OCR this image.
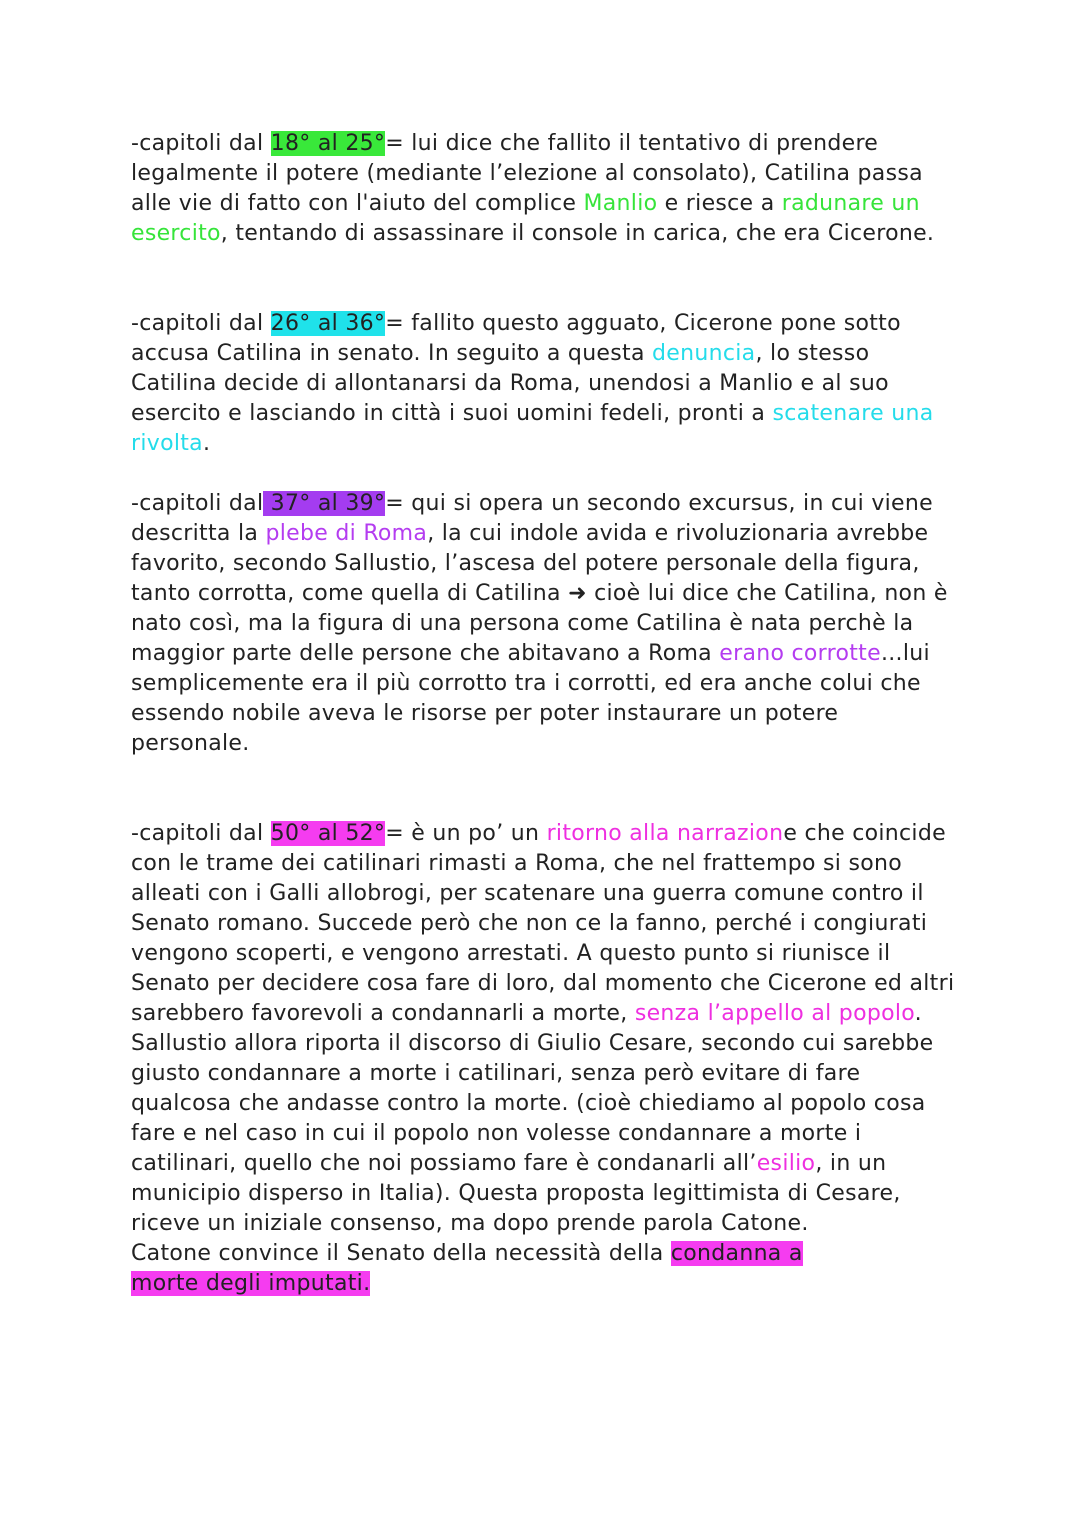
-capitoli dal 18° al 25°= lui dice che fallito il tentativo di prendere legalmente il potere (mediante l’elezione al consolato), Catilina passa alle vie di fatto con l'aiuto del complice Manlio e riesce a radunare un esercito, tentando di assassinare il console in carica, che era Cicerone.
-capitoli dal 26° al 36°= fallito questo agguato, Cicerone pone sotto accusa Catilina in senato. In seguito a questa denuncia, lo stesso Catilina decide di allontanarsi da Roma, unendosi a Manlio e al suo esercito e lasciando in città i suoi uomini fedeli, pronti a scatenare una rivolta.
-capitoli dal 37° al 39°= qui si opera un secondo excursus, in cui viene descritta la plebe di Roma, la cui indole avida e rivoluzionaria avrebbe favorito, secondo Sallustio, l’ascesa del potere personale della figura, tanto corrotta, come quella di Catilina ➜ cioè lui dice che Catilina, non è nato così, ma la figura di una persona come Catilina è nata perchè la maggior parte delle persone che abitavano a Roma erano corrotte...lui semplicemente era il più corrotto tra i corrotti, ed era anche colui che essendo nobile aveva le risorse per poter instaurare un potere personale.
-capitoli dal 50° al 52°= è un po’ un ritorno alla narrazione che coincide con le trame dei catilinari rimasti a Roma, che nel frattempo si sono alleati con i Galli allobrogi, per scatenare una guerra comune contro il Senato romano. Succede però che non ce la fanno, perché i congiurati vengono scoperti, e vengono arrestati. A questo punto si riunisce il Senato per decidere cosa fare di loro, dal momento che Cicerone ed altri sarebbero favorevoli a condannarli a morte, senza l’appello al popolo. Sallustio allora riporta il discorso di Giulio Cesare, secondo cui sarebbe giusto condannare a morte i catilinari, senza però evitare di fare qualcosa che andasse contro la morte. (cioè chiediamo al popolo cosa fare e nel caso in cui il popolo non volesse condannare a morte i catilinari, quello che noi possiamo fare è condanarli all’esilio, in un municipio disperso in Italia). Questa proposta legittimista di Cesare, riceve un iniziale consenso, ma dopo prende parola Catone.
Catone convince il Senato della necessità della condanna a
morte degli imputati.
